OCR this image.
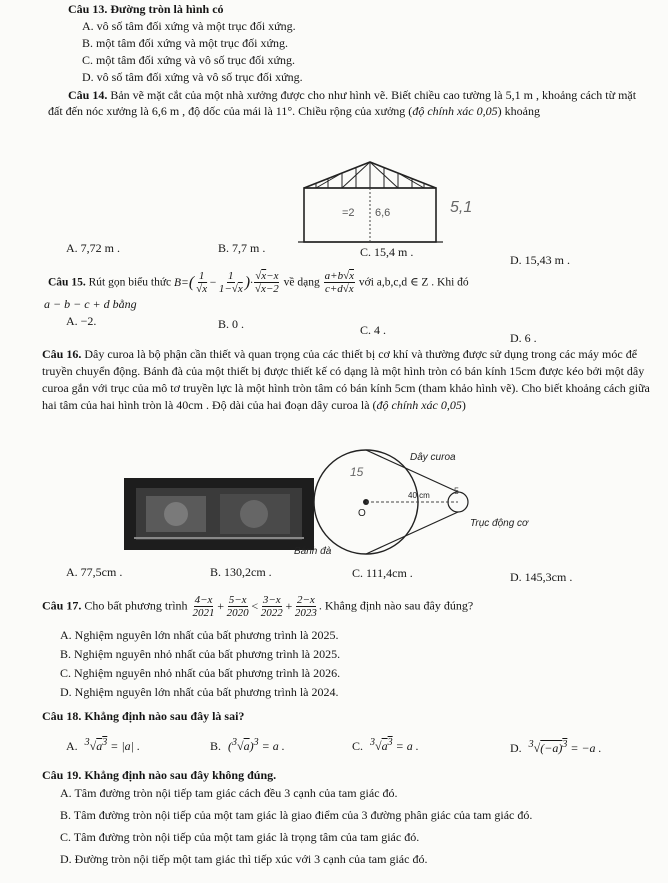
Câu 13. Đường tròn là hình có
A. vô số tâm đối xứng và một trục đối xứng.
B. một tâm đối xứng và một trục đối xứng.
C. một tâm đối xứng và vô số trục đối xứng.
D. vô số tâm đối xứng và vô số trục đối xứng.
Câu 14. Bản vẽ mặt cắt của một nhà xưởng được cho như hình vẽ. Biết chiều cao tường là 5,1 m , khoảng cách từ mặt đất đến nóc xưởng là 6,6 m , độ dốc của mái là 11°. Chiều rộng của xưởng (độ chính xác 0,05) khoảng
=2 6,6	5,1
A. 7,72 m .	B. 7,7 m .	C. 15,4 m .
D. 15,43 m .
Câu 15. Rút gọn biểu thức $B=( \frac{1}{√x} - \frac{1}{1-√x}$ )· $\frac{√x-x}{√x-2}$ về dạng $\frac{a+b√x}{c+d√x}$ với a,b,c,d ∈ Z . Khi đó
a − b − c + d bằng
A. −2.	B. 0 .	C. 4 .
D. 6 .
Câu 16. Dây curoa là bộ phận cần thiết và quan trọng của các thiết bị cơ khí và thường được sử dụng trong các máy móc để truyền chuyển động. Bánh đà của một thiết bị được thiết kế có dạng là một hình tròn có bán kính 15cm được kéo bởi một dây curoa gắn với trục của mô tơ truyền lực là một hình tròn tâm có bán kính 5cm (tham khảo hình vẽ). Cho biết khoảng cách giữa hai tâm của hai hình tròn là 40cm . Độ dài của hai đoạn dây curoa là (độ chính xác 0,05)
Dây curoa
40 cm
O
15
5
Trục động cơ
Bánh đà
A. 77,5cm .	B. 130,2cm .	C. 111,4cm .	D. 145,3cm .
Câu 17. Cho bất phương trình $\frac{4-x}{2021} + \frac{5-x}{2020} < \frac{3-x}{2022} + \frac{2-x}{2023}$ . Khẳng định nào sau đây đúng?
A. Nghiệm nguyên lớn nhất của bất phương trình là 2025.
B. Nghiệm nguyên nhỏ nhất của bất phương trình là 2025.
C. Nghiệm nguyên nhỏ nhất của bất phương trình là 2026.
D. Nghiệm nguyên lớn nhất của bất phương trình là 2024.
Câu 18. Khẳng định nào sau đây là sai?
A. $^3√a^3 = |a|$ .	B. $(^3√a)^3 = a$ .	C. $^3√a^3 = a$ .	D. $^3√(-a)^3 = -a$ .
Câu 19. Khẳng định nào sau đây không đúng.
A. Tâm đường tròn nội tiếp tam giác cách đều 3 cạnh của tam giác đó.
B. Tâm đường tròn nội tiếp của một tam giác là giao điểm của 3 đường phân giác của tam giác đó.
C. Tâm đường tròn nội tiếp của một tam giác là trọng tâm của tam giác đó.
D. Đường tròn nội tiếp một tam giác thì tiếp xúc với 3 cạnh của tam giác đó.
